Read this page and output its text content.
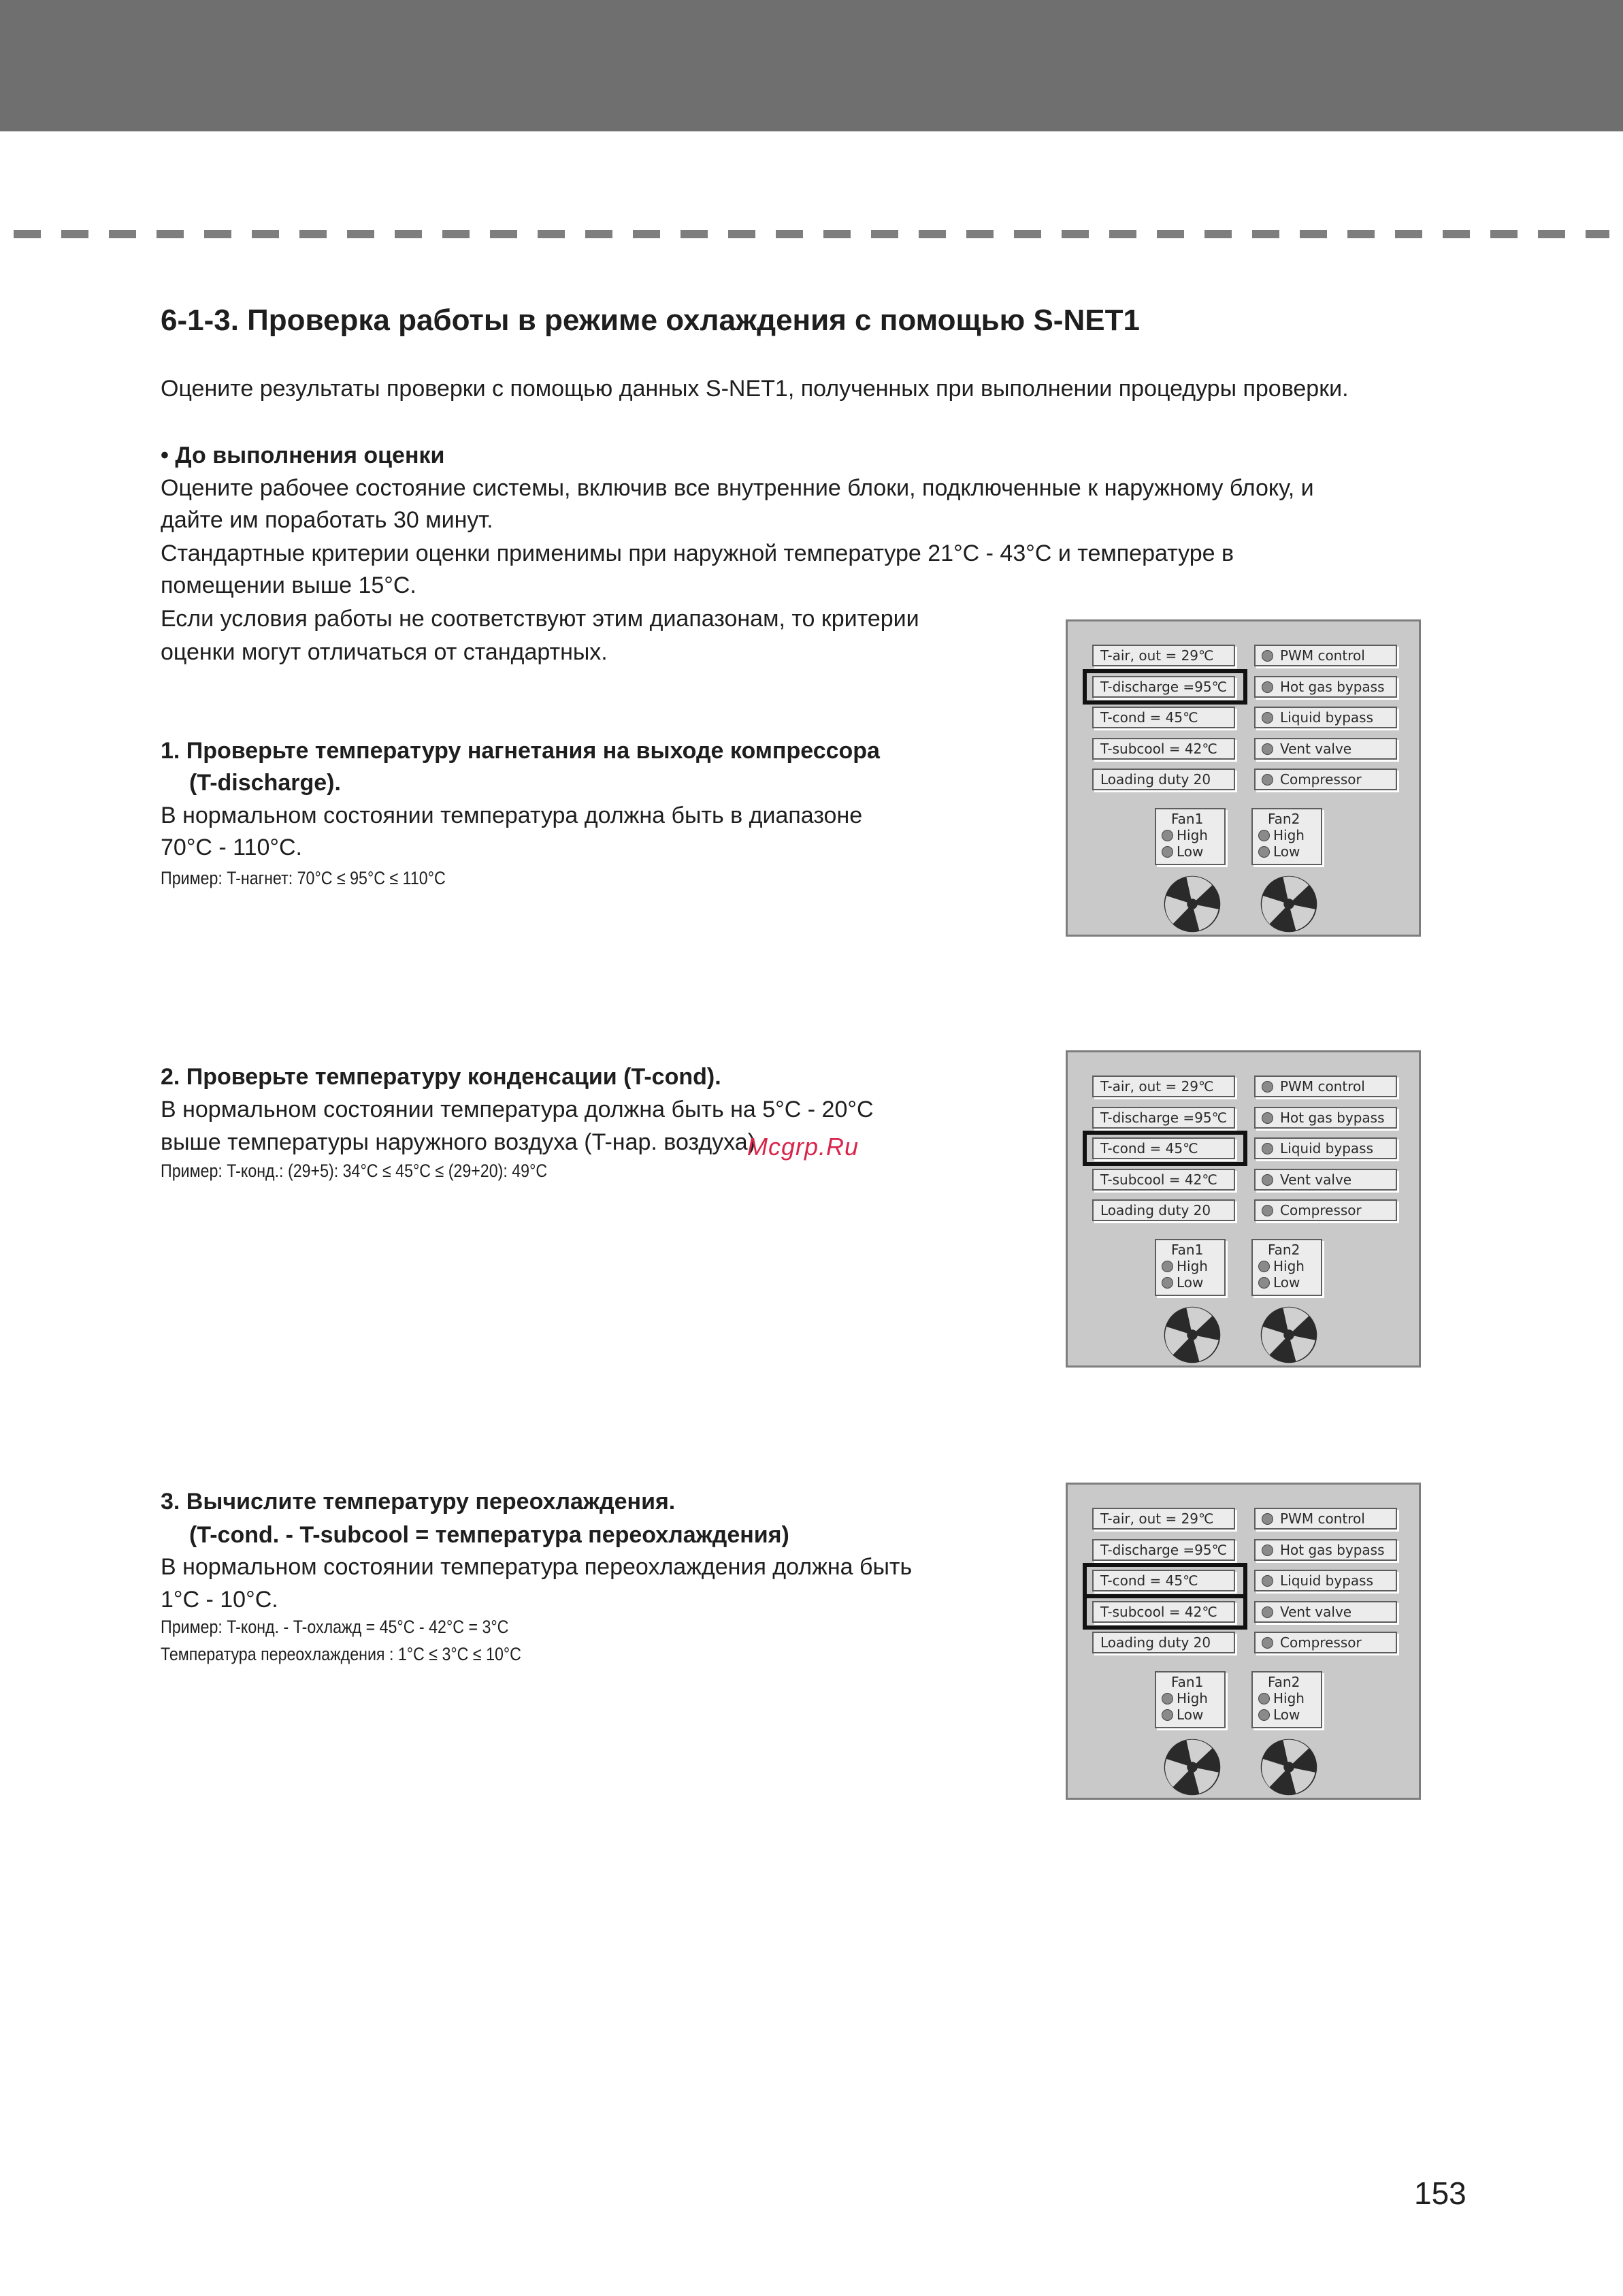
6-1-3. Проверка работы в режиме охлаждения с помощью S-NET1

Оцените результаты проверки с помощью данных S-NET1, полученных при выполнении процедуры проверки.

• До выполнения оценки

Оцените рабочее состояние системы, включив все внутренние блоки, подключенные к наружному блоку, и

дайте им поработать 30 минут.

Стандартные критерии оценки применимы при наружной температуре 21°C - 43°C и температуре в

помещении выше 15°C.

Если условия работы не соответствуют этим диапазонам, то критерии

оценки могут отличаться от стандартных.

1. Проверьте температуру нагнетания на выходе компрессора

(T-discharge).

В нормальном состоянии температура должна быть в диапазоне

70°C - 110°C.

Пример: T-нагнет: 70°C ≤ 95°C ≤ 110°C

2. Проверьте температуру конденсации (T-cond).

В нормальном состоянии температура должна быть на 5°C - 20°C

выше температуры наружного воздуха (T-нар. воздуха)

Пример: T-конд.: (29+5): 34°C ≤ 45°C ≤ (29+20): 49°C
Mcgrp.Ru

3. Вычислите температуру переохлаждения.

(T-cond. - T-subcool = температура переохлаждения)

В нормальном состоянии температура переохлаждения должна быть

1°C - 10°C.

Пример: T-конд. - T-охлажд = 45°C - 42°C = 3°C
Температура переохлаждения : 1°C ≤ 3°C ≤ 10°C
T-air, out = 29℃	PWM control
T-discharge =95℃	Hot gas bypass
T-cond = 45℃	Liquid bypass
T-subcool = 42℃	Vent valve
Loading duty 20	Compressor
Fan1
High
Low
Fan2
High
Low
T-air, out = 29℃	PWM control
T-discharge =95℃	Hot gas bypass
T-cond = 45℃	Liquid bypass
T-subcool = 42℃	Vent valve
Loading duty 20	Compressor
Fan1
High
Low
Fan2
High
Low
T-air, out = 29℃	PWM control
T-discharge =95℃	Hot gas bypass
T-cond = 45℃	Liquid bypass
T-subcool = 42℃	Vent valve
Loading duty 20	Compressor
Fan1
High
Low
Fan2
High
Low
153
